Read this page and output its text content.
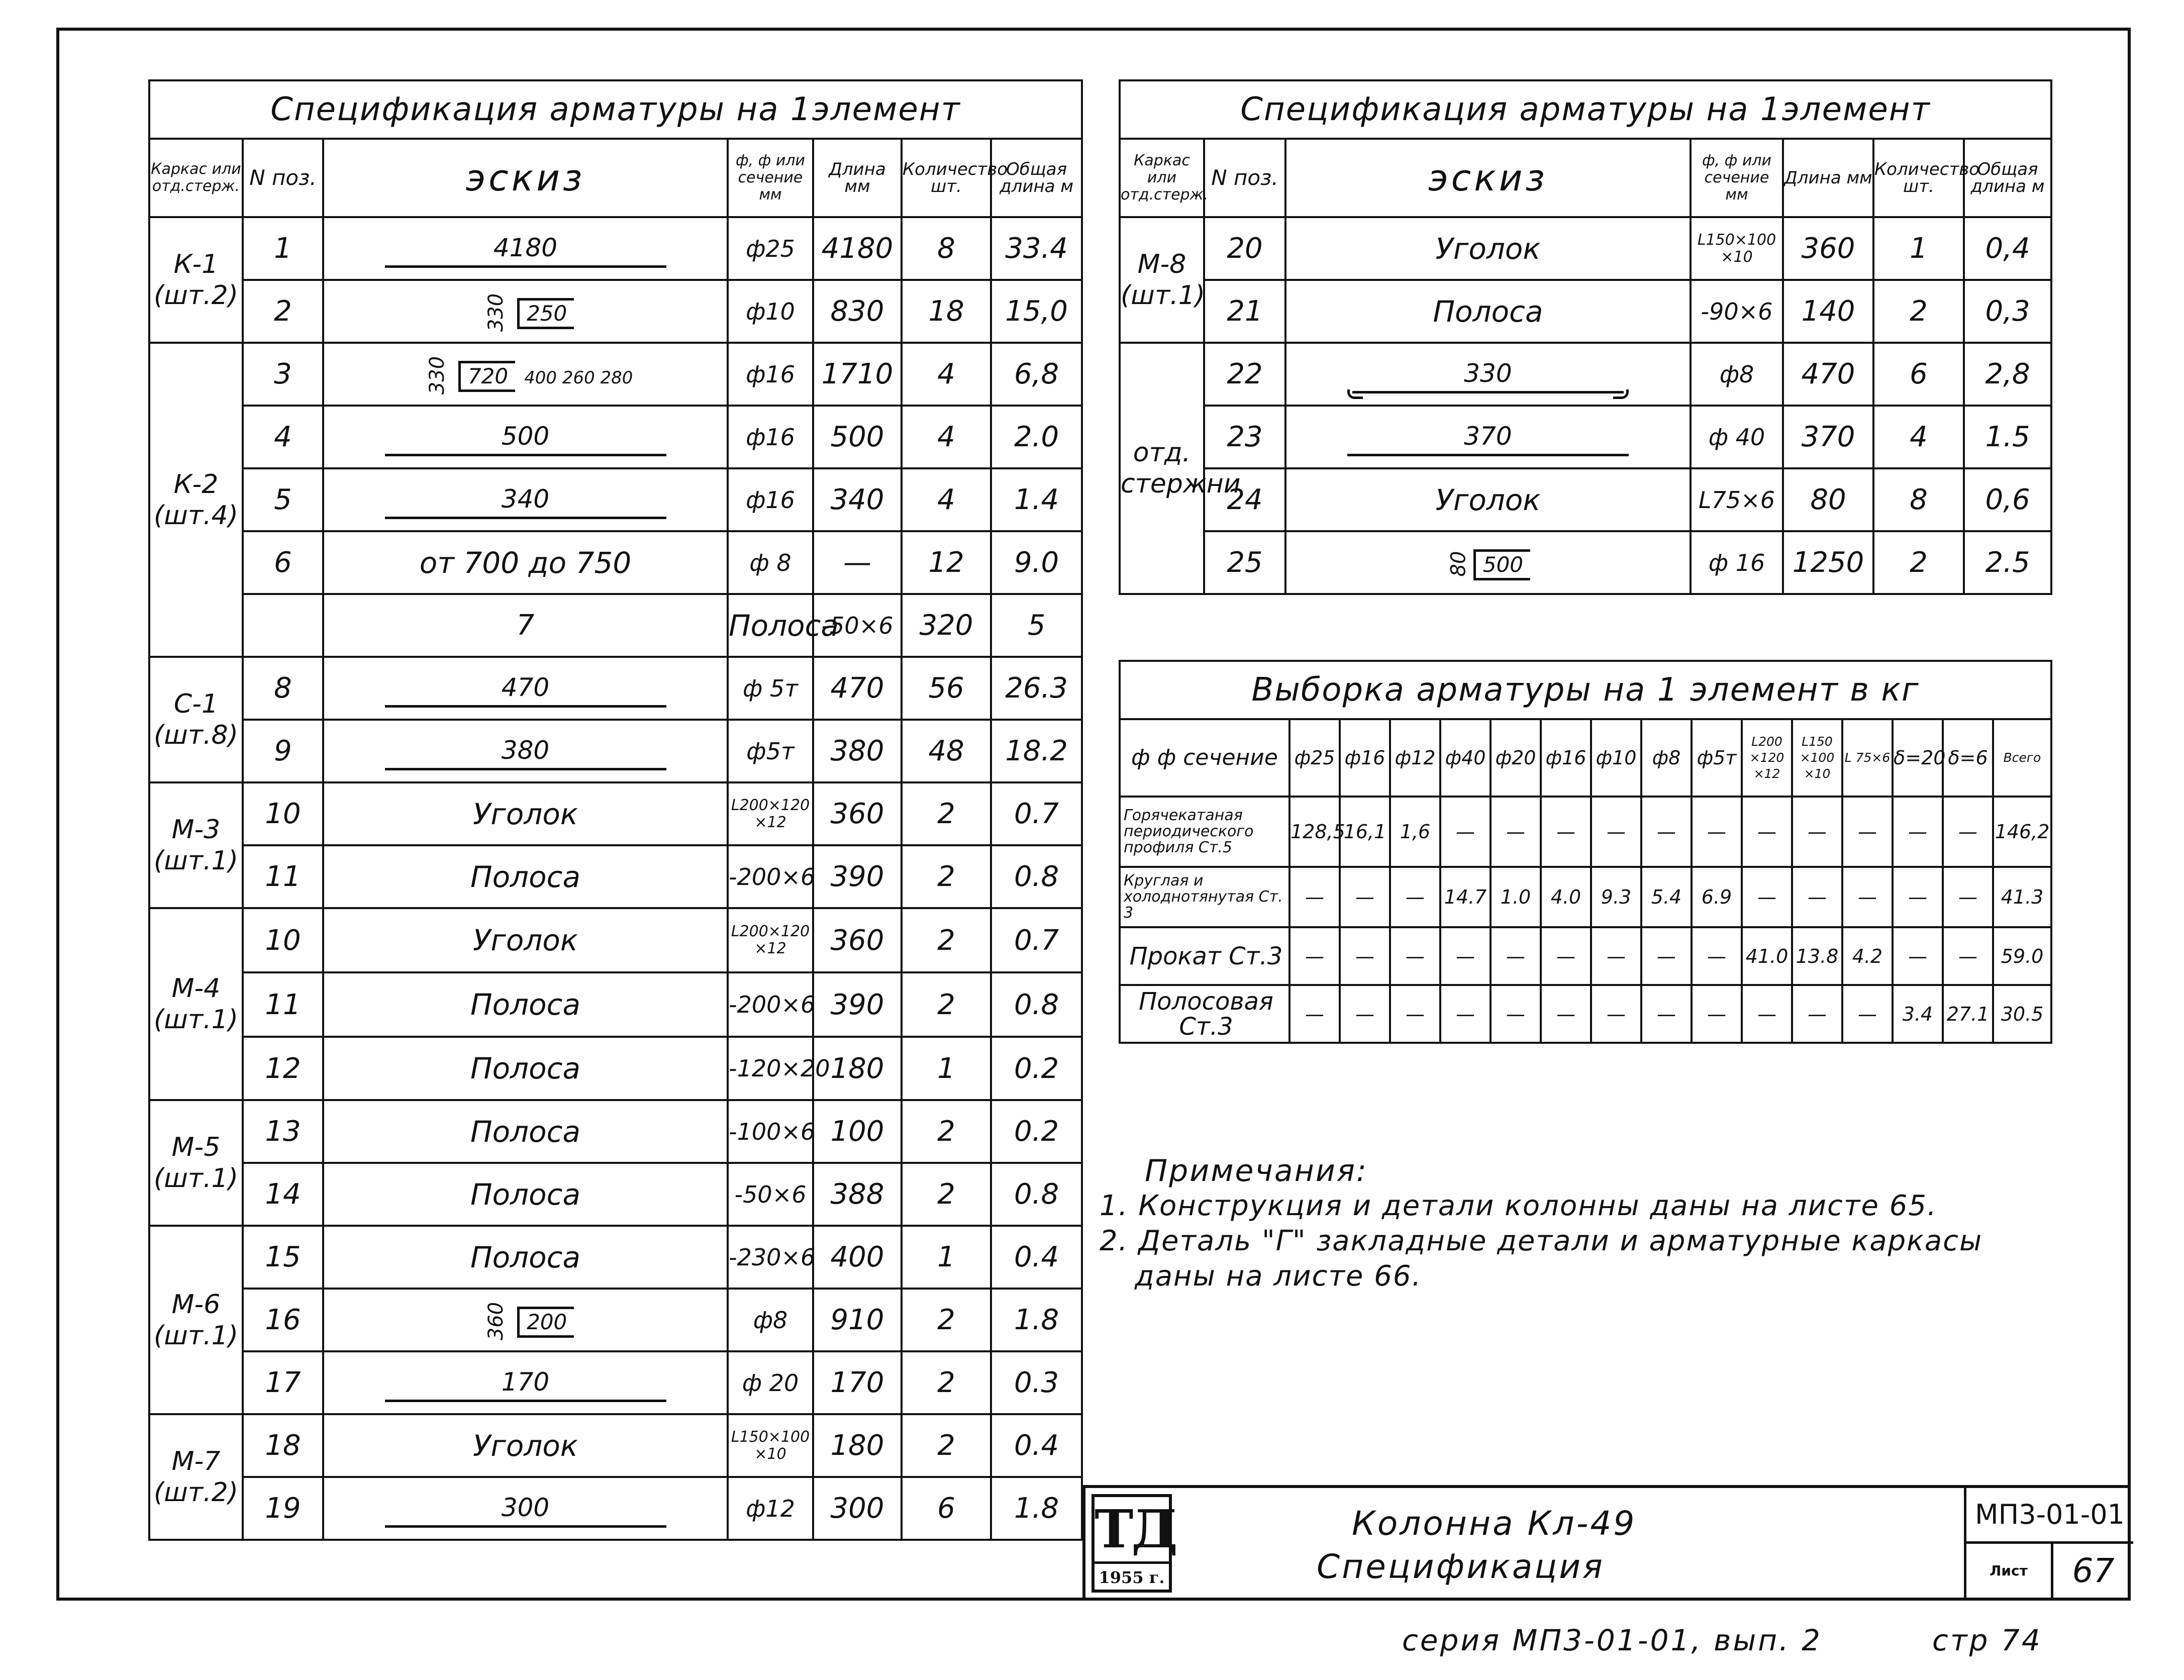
Спецификация арматуры на 1элемент							
Каркас или отд.стерж.	N поз.	эскиз	ф, ф или сечение мм	Длина мм	Количество шт.	Общая длина м	
К-1 (шт.2)	1	4180	ф25	4180	8	33.4	
	2	330 250	ф10	830	18	15,0	
К-2 (шт.4)	3	330 720 400 260 280	ф16	1710	4	6,8	
	4	500	ф16	500	4	2.0	
	5	340	ф16	340	4	1.4	
	6	от 700 до 750	ф 8	—	12	9.0	
		7	Полоса	-50×6	320	5	
С-1 (шт.8)	8	470	ф 5т	470	56	26.3	
	9	380	ф5т	380	48	18.2	
М-3 (шт.1)	10	Уголок	L200×120 ×12	360	2	0.7	
	11	Полоса	-200×6	390	2	0.8	
М-4 (шт.1)	10	Уголок	L200×120 ×12	360	2	0.7	
	11	Полоса	-200×6	390	2	0.8	
	12	Полоса	-120×20	180	1	0.2	
М-5 (шт.1)	13	Полоса	-100×6	100	2	0.2	
	14	Полоса	-50×6	388	2	0.8	
М-6 (шт.1)	15	Полоса	-230×6	400	1	0.4	
	16	360 200	ф8	910	2	1.8	
	17	170	ф 20	170	2	0.3	
М-7 (шт.2)	18	Уголок	L150×100 ×10	180	2	0.4	
	19	300	ф12	300	6	1.8	
Спецификация арматуры на 1элемент						
Каркас или отд.стерж.	N поз.	эскиз	ф, ф или сечение мм	Длина мм	Количество шт.	Общая длина м
М-8 (шт.1)	20	Уголок	L150×100 ×10	360	1	0,4
	21	Полоса	-90×6	140	2	0,3
отд. стержни	22	330	ф8	470	6	2,8
	23	370	ф 40	370	4	1.5
	24	Уголок	L75×6	80	8	0,6
	25	80 500	ф 16	1250	2	2.5
Выборка арматуры на 1 элемент в кг															
ф ф сечение	ф25	ф16	ф12	ф40	ф20	ф16	ф10	ф8	ф5т	L200 ×120 ×12	L150 ×100 ×10	L 75×6	δ=20	δ=6	Всего
Горячекатаная периодического профиля Ст.5	128,5	16,1	1,6	—	—	—	—	—	—	—	—	—	—	—	146,2
Круглая и холоднотянутая Ст. 3	—	—	—	14.7	1.0	4.0	9.3	5.4	6.9	—	—	—	—	—	41.3
Прокат Ст.3	—	—	—	—	—	—	—	—	—	41.0	13.8	4.2	—	—	59.0
Полосовая Ст.3	—	—	—	—	—	—	—	—	—	—	—	—	3.4	27.1	30.5
Примечания:
1. Конструкция и детали колонны даны на листе 65.
2. Деталь "Г" закладные детали и арматурные каркасы
даны на листе 66.
ТД
1955 г.
Колонна Кл-49
Спецификация
МП3-01-01
Лист	67
серия МП3-01-01, вып. 2	стр 74
